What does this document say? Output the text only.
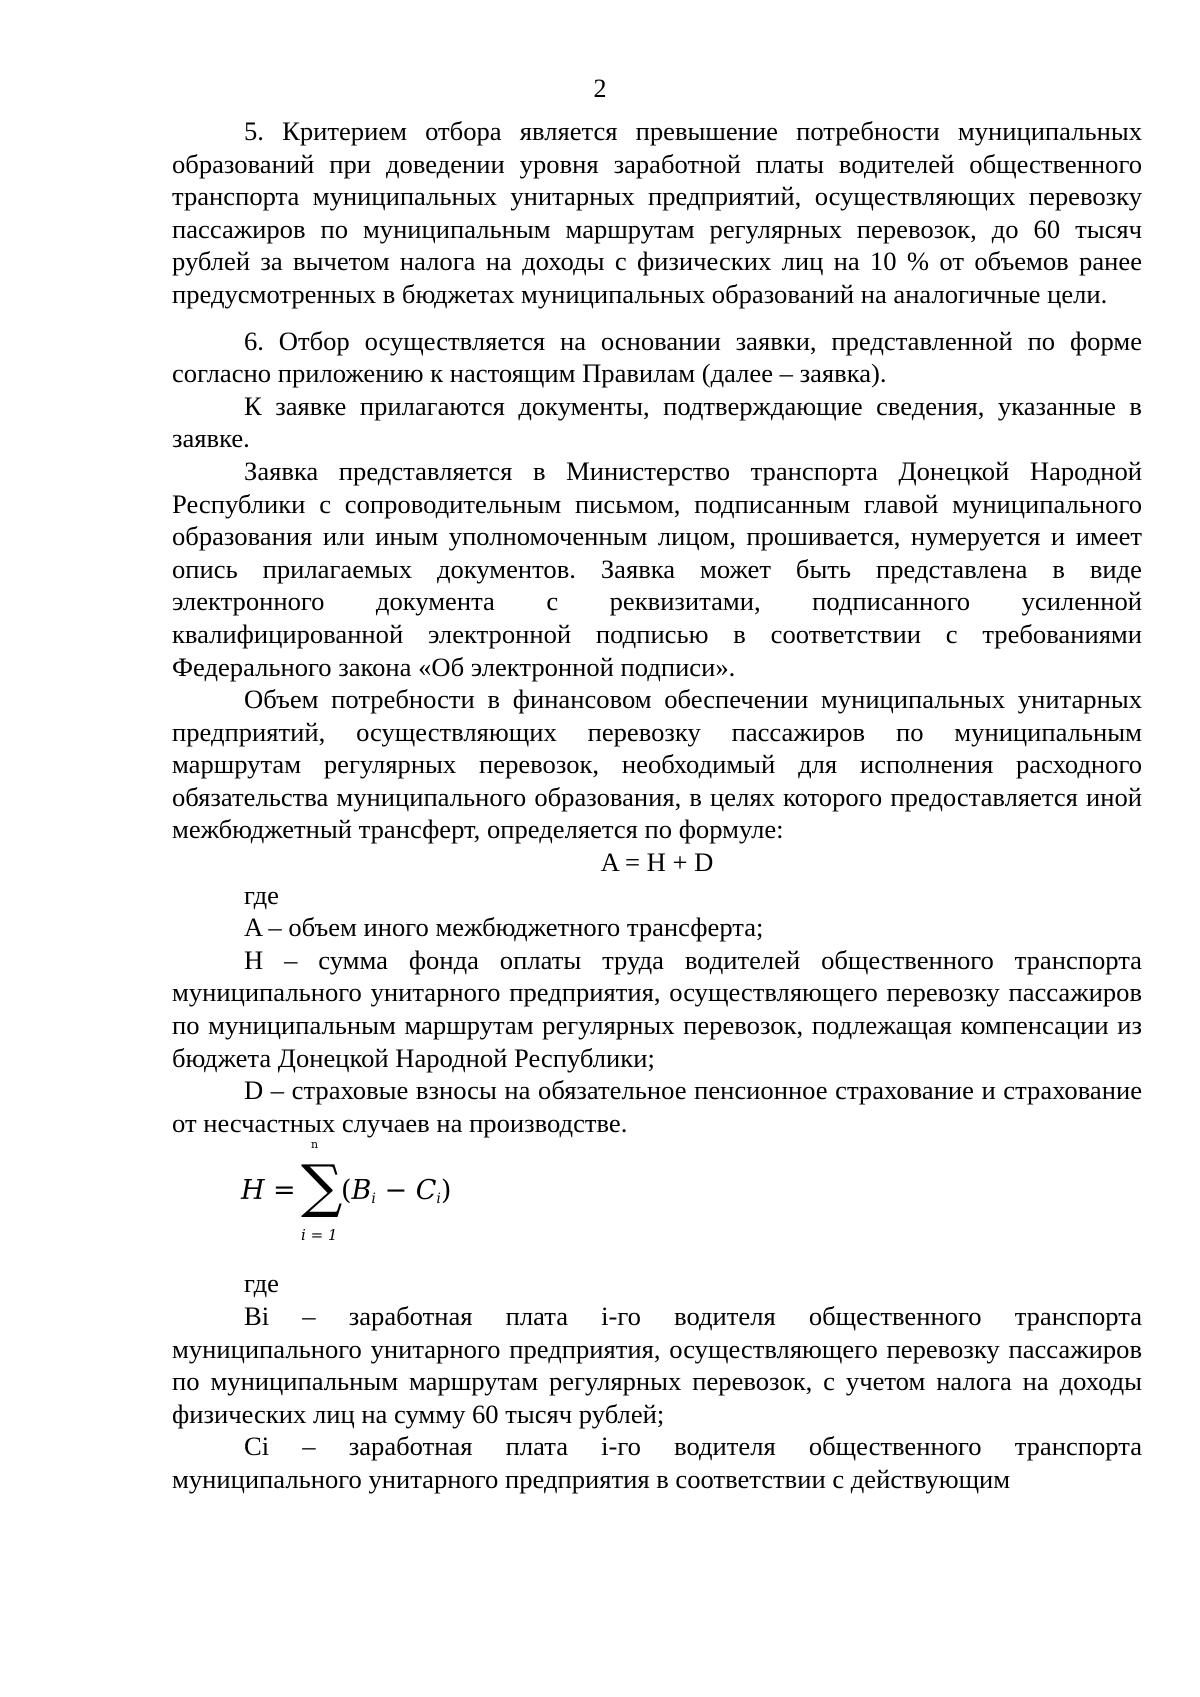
2

5. Критерием отбора является превышение потребности муниципальных образований при доведении уровня заработной платы водителей общественного транспорта муниципальных унитарных предприятий, осуществляющих перевозку пассажиров по муниципальным маршрутам регулярных перевозок, до 60 тысяч рублей за вычетом налога на доходы с физических лиц на 10 % от объемов ранее предусмотренных в бюджетах муниципальных образований на аналогичные цели.

6. Отбор осуществляется на основании заявки, представленной по форме согласно приложению к настоящим Правилам (далее – заявка).

К заявке прилагаются документы, подтверждающие сведения, указанные в заявке.

Заявка представляется в Министерство транспорта Донецкой Народной Республики с сопроводительным письмом, подписанным главой муниципального образования или иным уполномоченным лицом, прошивается, нумеруется и имеет опись прилагаемых документов. Заявка может быть представлена в виде электронного документа с реквизитами, подписанного усиленной квалифицированной электронной подписью в соответствии с требованиями Федерального закона «Об электронной подписи».

Объем потребности в финансовом обеспечении муниципальных унитарных предприятий, осуществляющих перевозку пассажиров по муниципальным маршрутам регулярных перевозок, необходимый для исполнения расходного обязательства муниципального образования, в целях которого предоставляется иной межбюджетный трансферт, определяется по формуле:

A = H + D

где

A – объем иного межбюджетного трансферта;

H – сумма фонда оплаты труда водителей общественного транспорта муниципального унитарного предприятия, осуществляющего перевозку пассажиров по муниципальным маршрутам регулярных перевозок, подлежащая компенсации из бюджета Донецкой Народной Республики;

D – страховые взносы на обязательное пенсионное страхование и страхование от несчастных случаев на производстве.

H =
n
∑
i = 1
$(B_i - C_i)$

где

Bi – заработная плата i-го водителя общественного транспорта муниципального унитарного предприятия, осуществляющего перевозку пассажиров по муниципальным маршрутам регулярных перевозок, с учетом налога на доходы физических лиц на сумму 60 тысяч рублей;

Ci – заработная плата i-го водителя общественного транспорта муниципального унитарного предприятия в соответствии с действующим
